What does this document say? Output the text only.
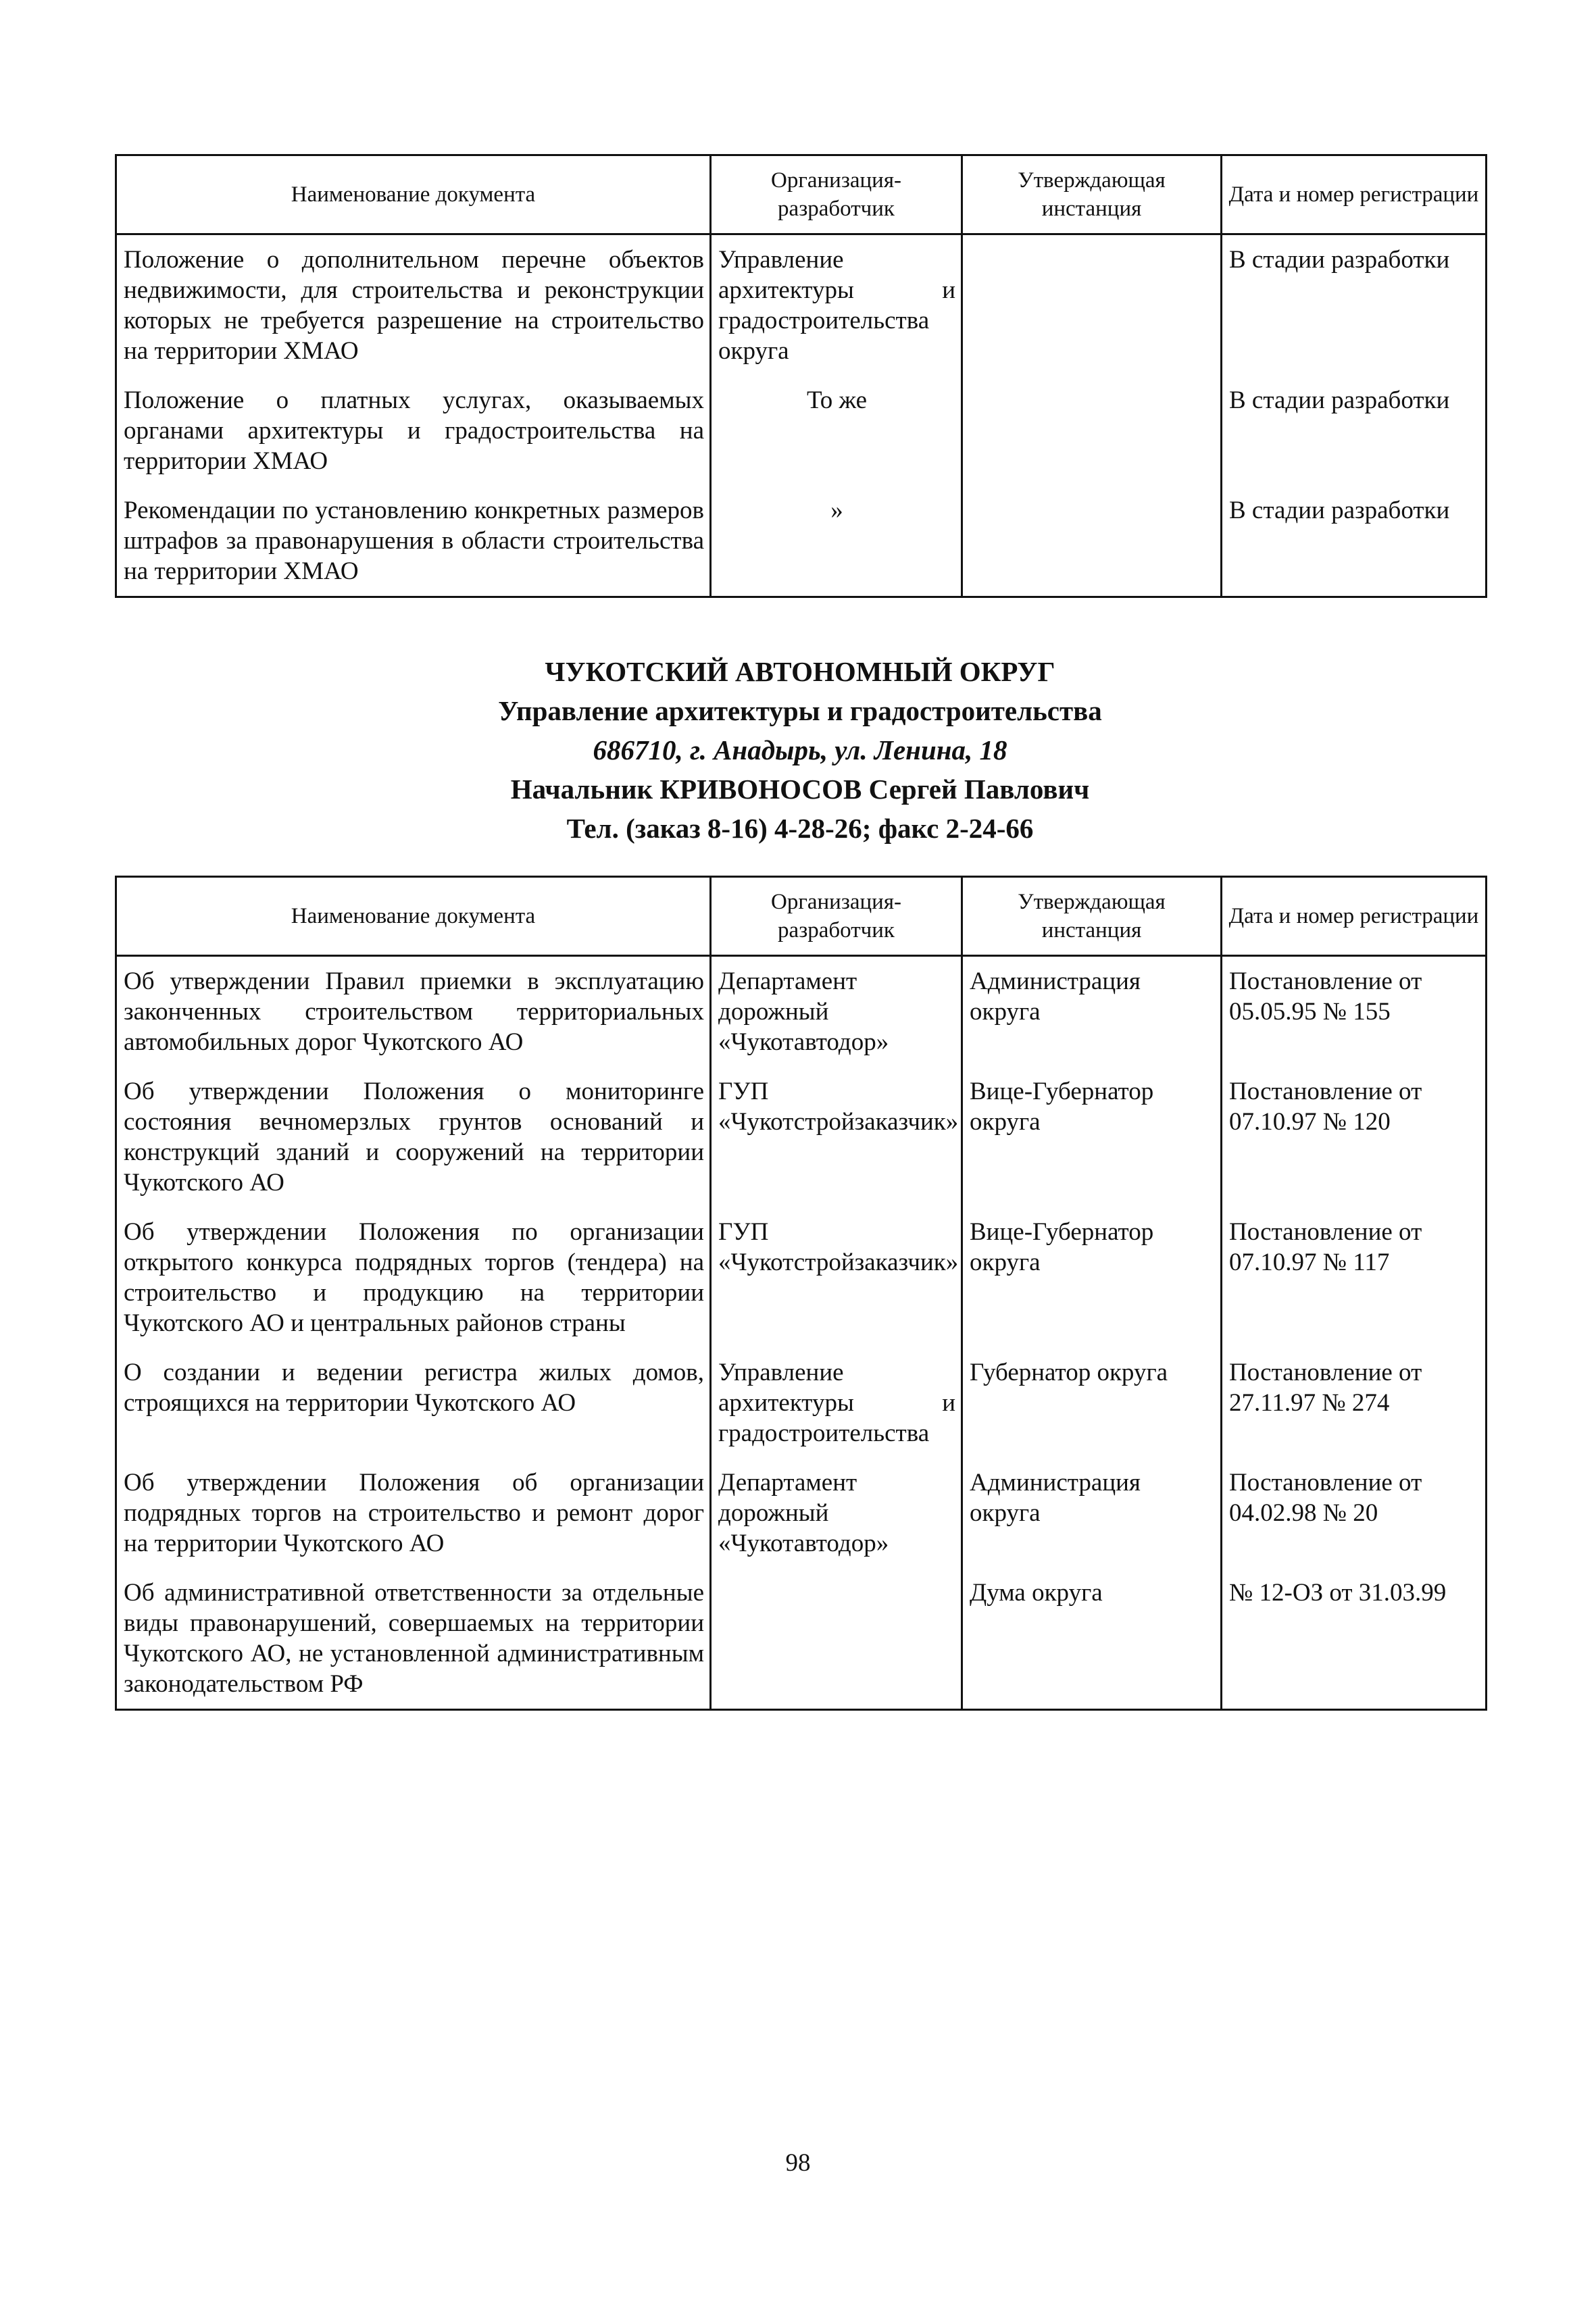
Наименование документа	Организация-разработчик	Утверждающая инстанция	Дата и номер регистрации
Положение о дополнительном перечне объектов недвижимости, для строительства и реконструкции которых не требуется разрешение на строительство на территории ХМАО	Управление архитектуры и градостроительства округа		В стадии разработки
Положение о платных услугах, оказываемых органами архитектуры и градостроительства на территории ХМАО	То же		В стадии разработки
Рекомендации по установлению конкретных размеров штрафов за правонарушения в области строительства на территории ХМАО	»		В стадии разработки
ЧУКОТСКИЙ АВТОНОМНЫЙ ОКРУГ
Управление архитектуры и градостроительства
686710, г. Анадырь, ул. Ленина, 18
Начальник КРИВОНОСОВ Сергей Павлович
Тел. (заказ 8-16) 4-28-26; факс 2-24-66
Наименование документа	Организация-разработчик	Утверждающая инстанция	Дата и номер регистрации
Об утверждении Правил приемки в эксплуатацию законченных строительством территориальных автомобильных дорог Чукотского АО	Департамент дорожный «Чукотавтодор»	Администрация округа	Постановление от 05.05.95 № 155
Об утверждении Положения о мониторинге состояния вечномерзлых грунтов оснований и конструкций зданий и сооружений на территории Чукотского АО	ГУП «Чукотстройзаказчик»	Вице-Губернатор округа	Постановление от 07.10.97 № 120
Об утверждении Положения по организации открытого конкурса подрядных торгов (тендера) на строительство и продукцию на территории Чукотского АО и центральных районов страны	ГУП «Чукотстройзаказчик»	Вице-Губернатор округа	Постановление от 07.10.97 № 117
О создании и ведении регистра жилых домов, строящихся на территории Чукотского АО	Управление архитектуры и градостроительства	Губернатор округа	Постановление от 27.11.97 № 274
Об утверждении Положения об организации подрядных торгов на строительство и ремонт дорог на территории Чукотского АО	Департамент дорожный «Чукотавтодор»	Администрация округа	Постановление от 04.02.98 № 20
Об административной ответственности за отдельные виды правонарушений, совершаемых на территории Чукотского АО, не установленной административным законодательством РФ		Дума округа	№ 12-ОЗ от 31.03.99
98
